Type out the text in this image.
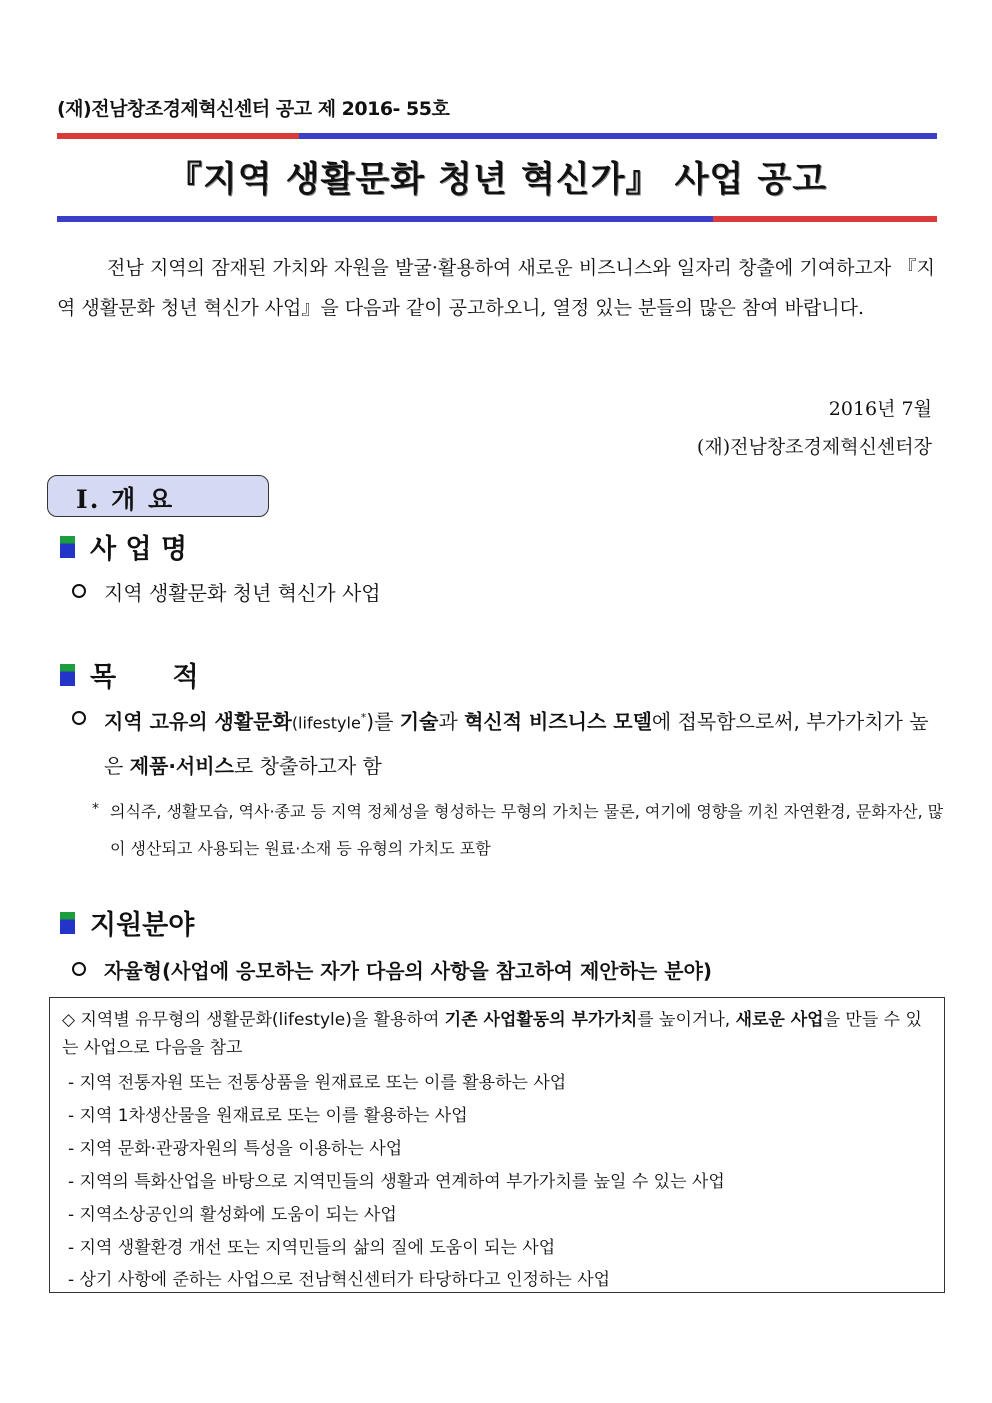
(재)전남창조경제혁신센터 공고 제 2016- 55호
『지역 생활문화 청년 혁신가』 사업 공고
전남 지역의 잠재된 가치와 자원을 발굴·활용하여 새로운 비즈니스와 일자리 창출에 기여하고자 『지역 생활문화 청년 혁신가 사업』을 다음과 같이 공고하오니, 열정 있는 분들의 많은 참여 바랍니다.
2016년 7월
(재)전남창조경제혁신센터장
Ⅰ. 개 요
사 업 명
지역 생활문화 청년 혁신가 사업
목      적
지역 고유의 생활문화(lifestyle*)를 기술과 혁신적 비즈니스 모델에 접목함으로써, 부가가치가 높은 제품·서비스로 창출하고자 함
* 의식주, 생활모습, 역사·종교 등 지역 정체성을 형성하는 무형의 가치는 물론, 여기에 영향을 끼친 자연환경, 문화자산, 많이 생산되고 사용되는 원료·소재 등 유형의 가치도 포함
지원분야
자율형(사업에 응모하는 자가 다음의 사항을 참고하여 제안하는 분야)
◇ 지역별 유무형의 생활문화(lifestyle)을 활용하여 기존 사업활동의 부가가치를 높이거나, 새로운 사업을 만들 수 있는 사업으로 다음을 참고
- 지역 전통자원 또는 전통상품을 원재료로 또는 이를 활용하는 사업
- 지역 1차생산물을 원재료로 또는 이를 활용하는 사업
- 지역 문화·관광자원의 특성을 이용하는 사업
- 지역의 특화산업을 바탕으로 지역민들의 생활과 연계하여 부가가치를 높일 수 있는 사업
- 지역소상공인의 활성화에 도움이 되는 사업
- 지역 생활환경 개선 또는 지역민들의 삶의 질에 도움이 되는 사업
- 상기 사항에 준하는 사업으로 전남혁신센터가 타당하다고 인정하는 사업
